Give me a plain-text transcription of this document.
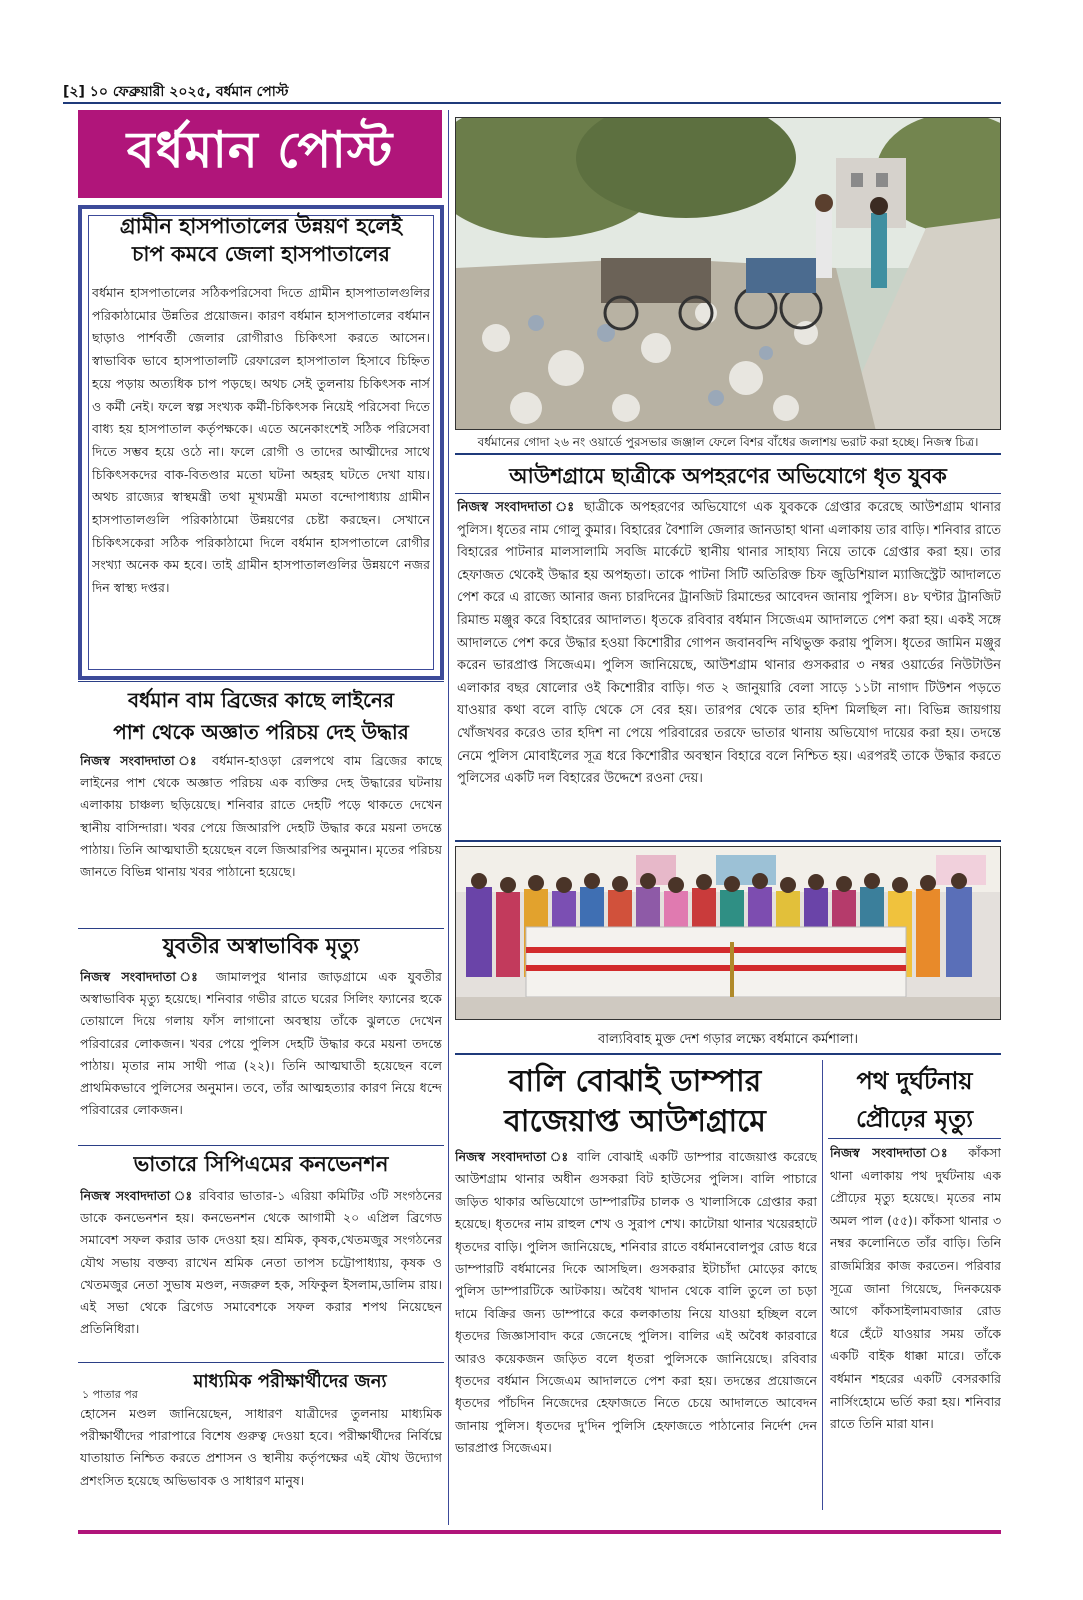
[২] ১০ ফেব্রুয়ারী ২০২৫, বর্ধমান পোস্ট
বর্ধমান পোস্ট
গ্রামীন হাসপাতালের উন্নয়ণ হলেই
চাপ কমবে জেলা হাসপাতালের
বর্ধমান হাসপাতালের সঠিকপরিসেবা দিতে গ্রামীন হাসপাতালগুলির পরিকাঠামোর উন্নতির প্রয়োজন। কারণ বর্ধমান হাসপাতালের বর্ধমান ছাড়াও পার্শবর্তী জেলার রোগীরাও চিকিৎসা করতে আসেন। স্বাভাবিক ভাবে হাসপাতালটি রেফারেল হাসপাতাল হিসাবে চিহ্নিত হয়ে পড়ায় অত্যধিক চাপ পড়ছে। অথচ সেই তুলনায় চিকিৎসক নার্স ও কর্মী নেই। ফলে স্বল্প সংখ্যক কর্মী-চিকিৎসক নিয়েই পরিসেবা দিতে বাধ্য হয় হাসপাতাল কর্তৃপক্ষকে। এতে অনেকাংশেই সঠিক পরিসেবা দিতে সম্ভব হয়ে ওঠে না। ফলে রোগী ও তাদের আত্মীদের সাথে চিকিৎসকদের বাক-বিতণ্ডার মতো ঘটনা অহরহ ঘটতে দেখা যায়। অথচ রাজ্যের স্বাস্থমন্ত্রী তথা মূখ্যমন্ত্রী মমতা বন্দোপাধ্যায় গ্রামীন হাসপাতালগুলি পরিকাঠামো উন্নয়ণের চেষ্টা করছেন। সেখানে চিকিৎসকেরা সঠিক পরিকাঠামো দিলে বর্ধমান হাসপাতালে রোগীর সংখ্যা অনেক কম হবে। তাই গ্রামীন হাসপাতালগুলির উন্নয়ণে নজর দিন স্বাস্থ্য দপ্তর।
বর্ধমানের গোদা ২৬ নং ওয়ার্ডে পুরসভার জঞ্জাল ফেলে বিশর বাঁধের জলাশয় ভরাট করা হচ্ছে। নিজস্ব চিত্র।
আউশগ্রামে ছাত্রীকে অপহরণের অভিযোগে ধৃত যুবক
নিজস্ব সংবাদদাতা ঃ ছাত্রীকে অপহরণের অভিযোগে এক যুবককে গ্রেপ্তার করেছে আউশগ্রাম থানার পুলিস। ধৃতের নাম গোলু কুমার। বিহারের বৈশালি জেলার জানডাহা থানা এলাকায় তার বাড়ি। শনিবার রাতে বিহারের পাটনার মালসালামি সবজি মার্কেটে স্থানীয় থানার সাহায্য নিয়ে তাকে গ্রেপ্তার করা হয়। তার হেফাজত থেকেই উদ্ধার হয় অপহৃতা। তাকে পাটনা সিটি অতিরিক্ত চিফ জুডিশিয়াল ম্যাজিস্ট্রেট আদালতে পেশ করে এ রাজ্যে আনার জন্য চারদিনের ট্রানজিট রিমান্ডের আবেদন জানায় পুলিস। ৪৮ ঘণ্টার ট্রানজিট রিমান্ড মঞ্জুর করে বিহারের আদালত। ধৃতকে রবিবার বর্ধমান সিজেএম আদালতে পেশ করা হয়। একই সঙ্গে আদালতে পেশ করে উদ্ধার হওয়া কিশোরীর গোপন জবানবন্দি নথিভুক্ত করায় পুলিস। ধৃতের জামিন মঞ্জুর করেন ভারপ্রাপ্ত সিজেএম। পুলিস জানিয়েছে, আউশগ্রাম থানার গুসকরার ৩ নম্বর ওয়ার্ডের নিউটাউন এলাকার বছর ষোলোর ওই কিশোরীর বাড়ি। গত ২ জানুয়ারি বেলা সাড়ে ১১টা নাগাদ টিউশন পড়তে যাওয়ার কথা বলে বাড়ি থেকে সে বের হয়। তারপর থেকে তার হদিশ মিলছিল না। বিভিন্ন জায়গায় খোঁজখবর করেও তার হদিশ না পেয়ে পরিবারের তরফে ভাতার থানায় অভিযোগ দায়ের করা হয়। তদন্তে নেমে পুলিস মোবাইলের সূত্র ধরে কিশোরীর অবস্থান বিহারে বলে নিশ্চিত হয়। এরপরই তাকে উদ্ধার করতে পুলিসের একটি দল বিহারের উদ্দেশে রওনা দেয়।
বাল্যবিবাহ মুক্ত দেশ গড়ার লক্ষ্যে বর্ধমানে কর্মশালা।
বর্ধমান বাম ব্রিজের কাছে লাইনের
পাশ থেকে অজ্ঞাত পরিচয় দেহ উদ্ধার
নিজস্ব সংবাদদাতা ঃ বর্ধমান-হাওড়া রেলপথে বাম ব্রিজের কাছে লাইনের পাশ থেকে অজ্ঞাত পরিচয় এক ব্যক্তির দেহ উদ্ধারের ঘটনায় এলাকায় চাঞ্চল্য ছড়িয়েছে। শনিবার রাতে দেহটি পড়ে থাকতে দেখেন স্থানীয় বাসিন্দারা। খবর পেয়ে জিআরপি দেহটি উদ্ধার করে ময়না তদন্তে পাঠায়। তিনি আত্মঘাতী হয়েছেন বলে জিআরপির অনুমান। মৃতের পরিচয় জানতে বিভিন্ন থানায় খবর পাঠানো হয়েছে।
যুবতীর অস্বাভাবিক মৃত্যু
নিজস্ব সংবাদদাতা ঃ জামালপুর থানার জাড়গ্রামে এক যুবতীর অস্বাভাবিক মৃত্যু হয়েছে। শনিবার গভীর রাতে ঘরের সিলিং ফ্যানের হুকে তোয়ালে দিয়ে গলায় ফাঁস লাগানো অবস্থায় তাঁকে ঝুলতে দেখেন পরিবারের লোকজন। খবর পেয়ে পুলিস দেহটি উদ্ধার করে ময়না তদন্তে পাঠায়। মৃতার নাম সাথী পাত্র (২২)। তিনি আত্মঘাতী হয়েছেন বলে প্রাথমিকভাবে পুলিসের অনুমান। তবে, তাঁর আত্মহত্যার কারণ নিয়ে ধন্দে পরিবারের লোকজন।
ভাতারে সিপিএমের কনভেনশন
নিজস্ব সংবাদদাতা ঃ রবিবার ভাতার-১ এরিয়া কমিটির ৩টি সংগঠনের ডাকে কনভেনশন হয়। কনভেনশন থেকে আগামী ২০ এপ্রিল ব্রিগেড সমাবেশ সফল করার ডাক দেওয়া হয়। শ্রমিক, কৃষক,খেতমজুর সংগঠনের যৌথ সভায় বক্তব্য রাখেন শ্রমিক নেতা তাপস চট্টোপাধ্যায়, কৃষক ও খেতমজুর নেতা সুভাষ মণ্ডল, নজরুল হক, সফিকুল ইসলাম,ডালিম রায়। এই সভা থেকে ব্রিগেড সমাবেশকে সফল করার শপথ নিয়েছেন প্রতিনিধিরা।
মাধ্যমিক পরীক্ষার্থীদের জন্য
১ পাতার পর
হোসেন মণ্ডল জানিয়েছেন, সাধারণ যাত্রীদের তুলনায় মাধ্যমিক পরীক্ষার্থীদের পারাপারে বিশেষ গুরুত্ব দেওয়া হবে। পরীক্ষার্থীদের নির্বিঘ্নে যাতায়াত নিশ্চিত করতে প্রশাসন ও স্থানীয় কর্তৃপক্ষের এই যৌথ উদ্যোগ প্রশংসিত হয়েছে অভিভাবক ও সাধারণ মানুষ।
বালি বোঝাই ডাম্পার
বাজেয়াপ্ত আউশগ্রামে
নিজস্ব সংবাদদাতা ঃ বালি বোঝাই একটি ডাম্পার বাজেয়াপ্ত করেছে আউশগ্রাম থানার অধীন গুসকরা বিট হাউসের পুলিস। বালি পাচারে জড়িত থাকার অভিযোগে ডাম্পারটির চালক ও খালাসিকে গ্রেপ্তার করা হয়েছে। ধৃতদের নাম রাহুল শেখ ও সুরাপ শেখ। কাটোয়া থানার খয়েরহাটে ধৃতদের বাড়ি। পুলিস জানিয়েছে, শনিবার রাতে বর্ধমানবোলপুর রোড ধরে ডাম্পারটি বর্ধমানের দিকে আসছিল। গুসকরার ইটাচাঁদা মোড়ের কাছে পুলিস ডাম্পারটিকে আটকায়। অবৈধ খাদান থেকে বালি তুলে তা চড়া দামে বিক্রির জন্য ডাম্পারে করে কলকাতায় নিয়ে যাওয়া হচ্ছিল বলে ধৃতদের জিজ্ঞাসাবাদ করে জেনেছে পুলিস। বালির এই অবৈধ কারবারে আরও কয়েকজন জড়িত বলে ধৃতরা পুলিসকে জানিয়েছে। রবিবার ধৃতদের বর্ধমান সিজেএম আদালতে পেশ করা হয়। তদন্তের প্রয়োজনে ধৃতদের পাঁচদিন নিজেদের হেফাজতে নিতে চেয়ে আদালতে আবেদন জানায় পুলিস। ধৃতদের দু'দিন পুলিসি হেফাজতে পাঠানোর নির্দেশ দেন ভারপ্রাপ্ত সিজেএম।
পথ দুর্ঘটনায়
প্রৌঢ়ের মৃত্যু
নিজস্ব সংবাদদাতা ঃ কাঁকসা থানা এলাকায় পথ দুর্ঘটনায় এক প্রৌঢ়ের মৃত্যু হয়েছে। মৃতের নাম অমল পাল (৫৫)। কাঁকসা থানার ৩ নম্বর কলোনিতে তাঁর বাড়ি। তিনি রাজমিস্ত্রির কাজ করতেন। পরিবার সূত্রে জানা গিয়েছে, দিনকয়েক আগে কাঁকসাইলামবাজার রোড ধরে হেঁটে যাওয়ার সময় তাঁকে একটি বাইক ধাক্কা মারে। তাঁকে বর্ধমান শহরের একটি বেসরকারি নার্সিংহোমে ভর্তি করা হয়। শনিবার রাতে তিনি মারা যান।
